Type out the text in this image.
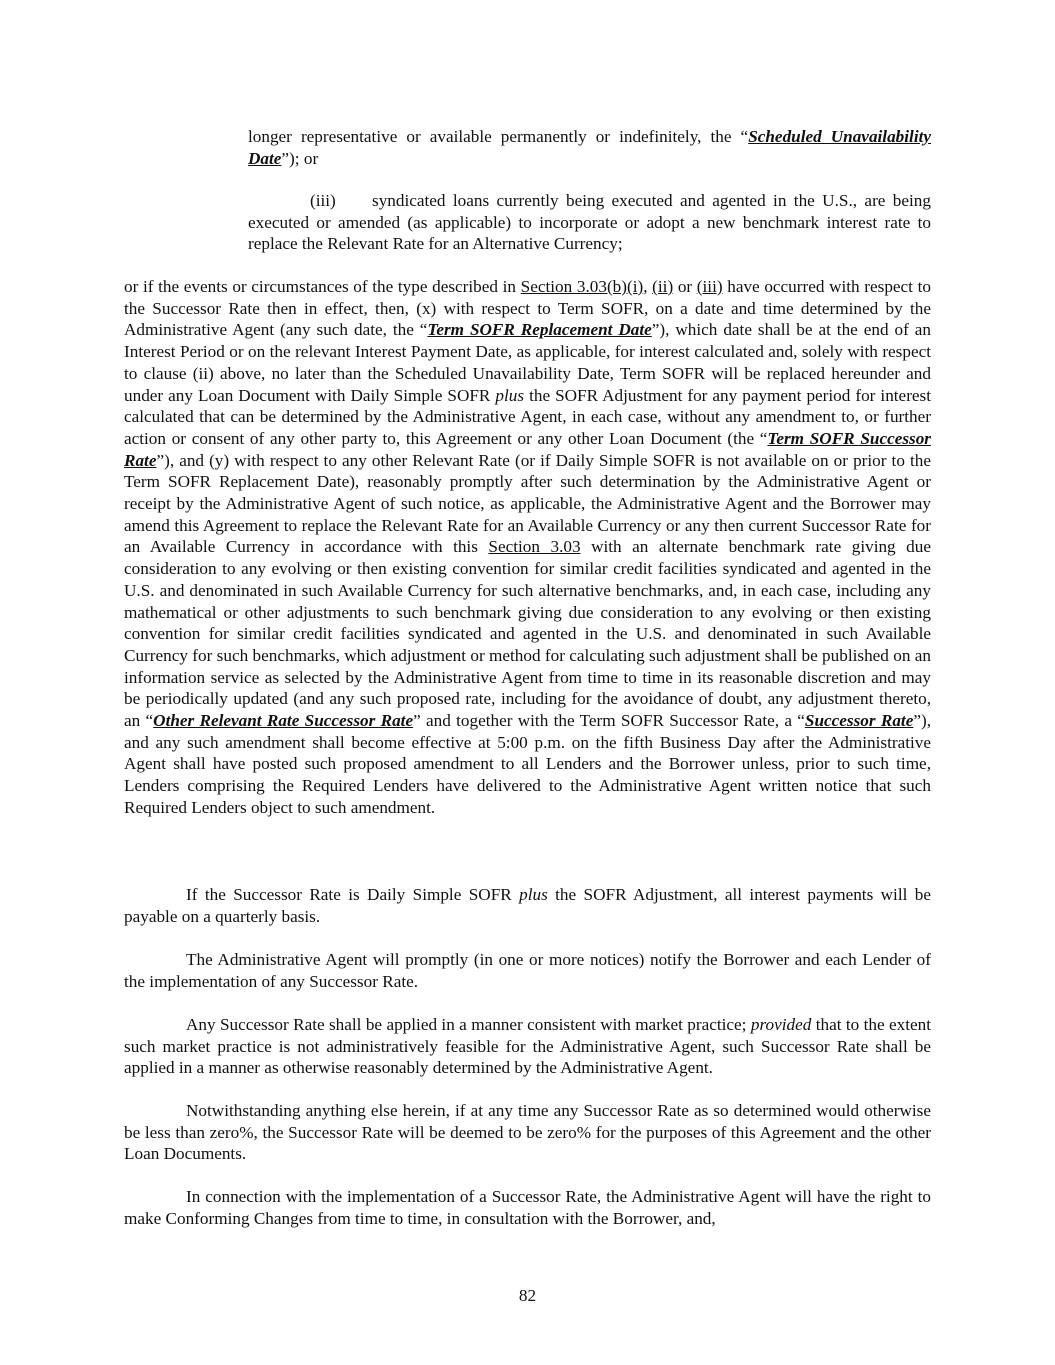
longer representative or available permanently or indefinitely, the “Scheduled Unavailability Date”); or

(iii) syndicated loans currently being executed and agented in the U.S., are being executed or amended (as applicable) to incorporate or adopt a new benchmark interest rate to replace the Relevant Rate for an Alternative Currency;

or if the events or circumstances of the type described in Section 3.03(b)(i), (ii) or (iii) have occurred with respect to the Successor Rate then in effect, then, (x) with respect to Term SOFR, on a date and time determined by the Administrative Agent (any such date, the “Term SOFR Replacement Date”), which date shall be at the end of an Interest Period or on the relevant Interest Payment Date, as applicable, for interest calculated and, solely with respect to clause (ii) above, no later than the Scheduled Unavailability Date, Term SOFR will be replaced hereunder and under any Loan Document with Daily Simple SOFR plus the SOFR Adjustment for any payment period for interest calculated that can be determined by the Administrative Agent, in each case, without any amendment to, or further action or consent of any other party to, this Agreement or any other Loan Document (the “Term SOFR Successor Rate”), and (y) with respect to any other Relevant Rate (or if Daily Simple SOFR is not available on or prior to the Term SOFR Replacement Date), reasonably promptly after such determination by the Administrative Agent or receipt by the Administrative Agent of such notice, as applicable, the Administrative Agent and the Borrower may amend this Agreement to replace the Relevant Rate for an Available Currency or any then current Successor Rate for an Available Currency in accordance with this Section 3.03 with an alternate benchmark rate giving due consideration to any evolving or then existing convention for similar credit facilities syndicated and agented in the U.S. and denominated in such Available Currency for such alternative benchmarks, and, in each case, including any mathematical or other adjustments to such benchmark giving due consideration to any evolving or then existing convention for similar credit facilities syndicated and agented in the U.S. and denominated in such Available Currency for such benchmarks, which adjustment or method for calculating such adjustment shall be published on an information service as selected by the Administrative Agent from time to time in its reasonable discretion and may be periodically updated (and any such proposed rate, including for the avoidance of doubt, any adjustment thereto, an “Other Relevant Rate Successor Rate” and together with the Term SOFR Successor Rate, a “Successor Rate”), and any such amendment shall become effective at 5:00 p.m. on the fifth Business Day after the Administrative Agent shall have posted such proposed amendment to all Lenders and the Borrower unless, prior to such time, Lenders comprising the Required Lenders have delivered to the Administrative Agent written notice that such Required Lenders object to such amendment.

If the Successor Rate is Daily Simple SOFR plus the SOFR Adjustment, all interest payments will be payable on a quarterly basis.

The Administrative Agent will promptly (in one or more notices) notify the Borrower and each Lender of the implementation of any Successor Rate.

Any Successor Rate shall be applied in a manner consistent with market practice; provided that to the extent such market practice is not administratively feasible for the Administrative Agent, such Successor Rate shall be applied in a manner as otherwise reasonably determined by the Administrative Agent.

Notwithstanding anything else herein, if at any time any Successor Rate as so determined would otherwise be less than zero%, the Successor Rate will be deemed to be zero% for the purposes of this Agreement and the other Loan Documents.

In connection with the implementation of a Successor Rate, the Administrative Agent will have the right to make Conforming Changes from time to time, in consultation with the Borrower, and,

82
